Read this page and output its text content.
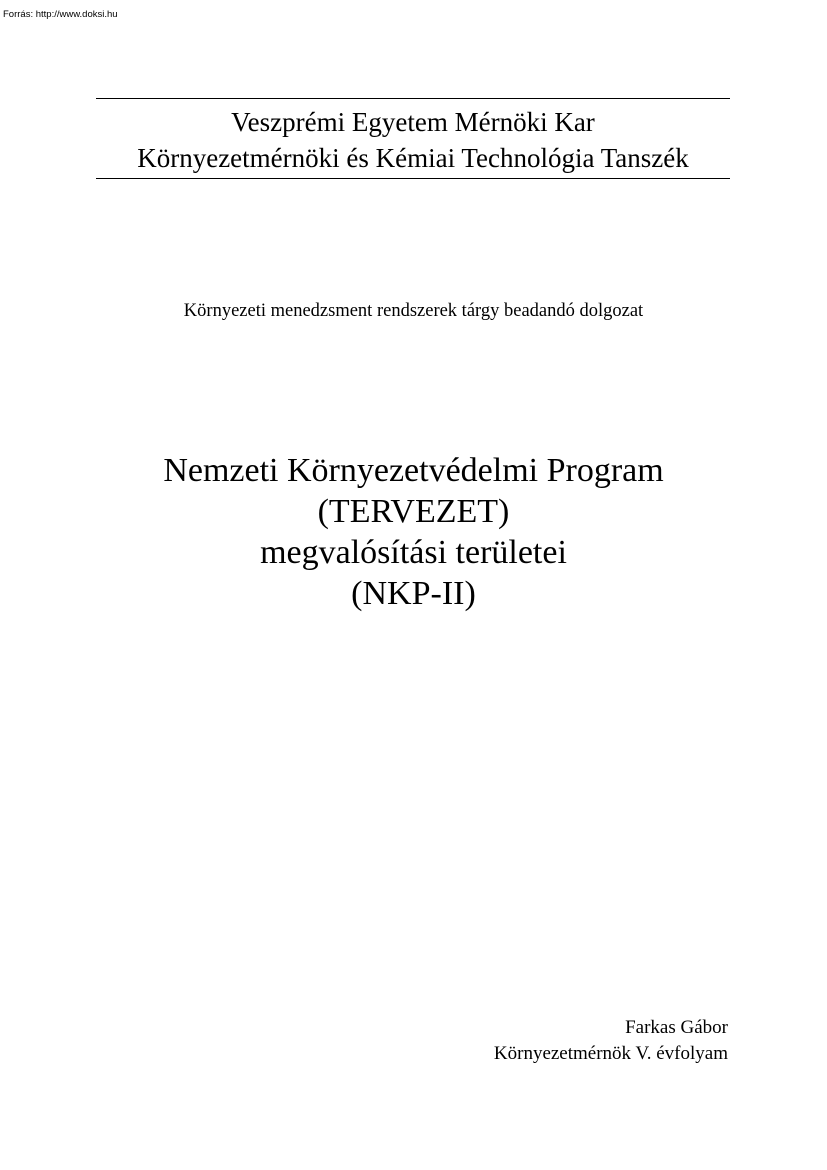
Forrás: http://www.doksi.hu
Veszprémi Egyetem Mérnöki Kar
Környezetmérnöki és Kémiai Technológia Tanszék
Környezeti menedzsment rendszerek tárgy beadandó dolgozat
Nemzeti Környezetvédelmi Program
(TERVEZET)
megvalósítási területei
(NKP-II)
Farkas Gábor
Környezetmérnök V. évfolyam
